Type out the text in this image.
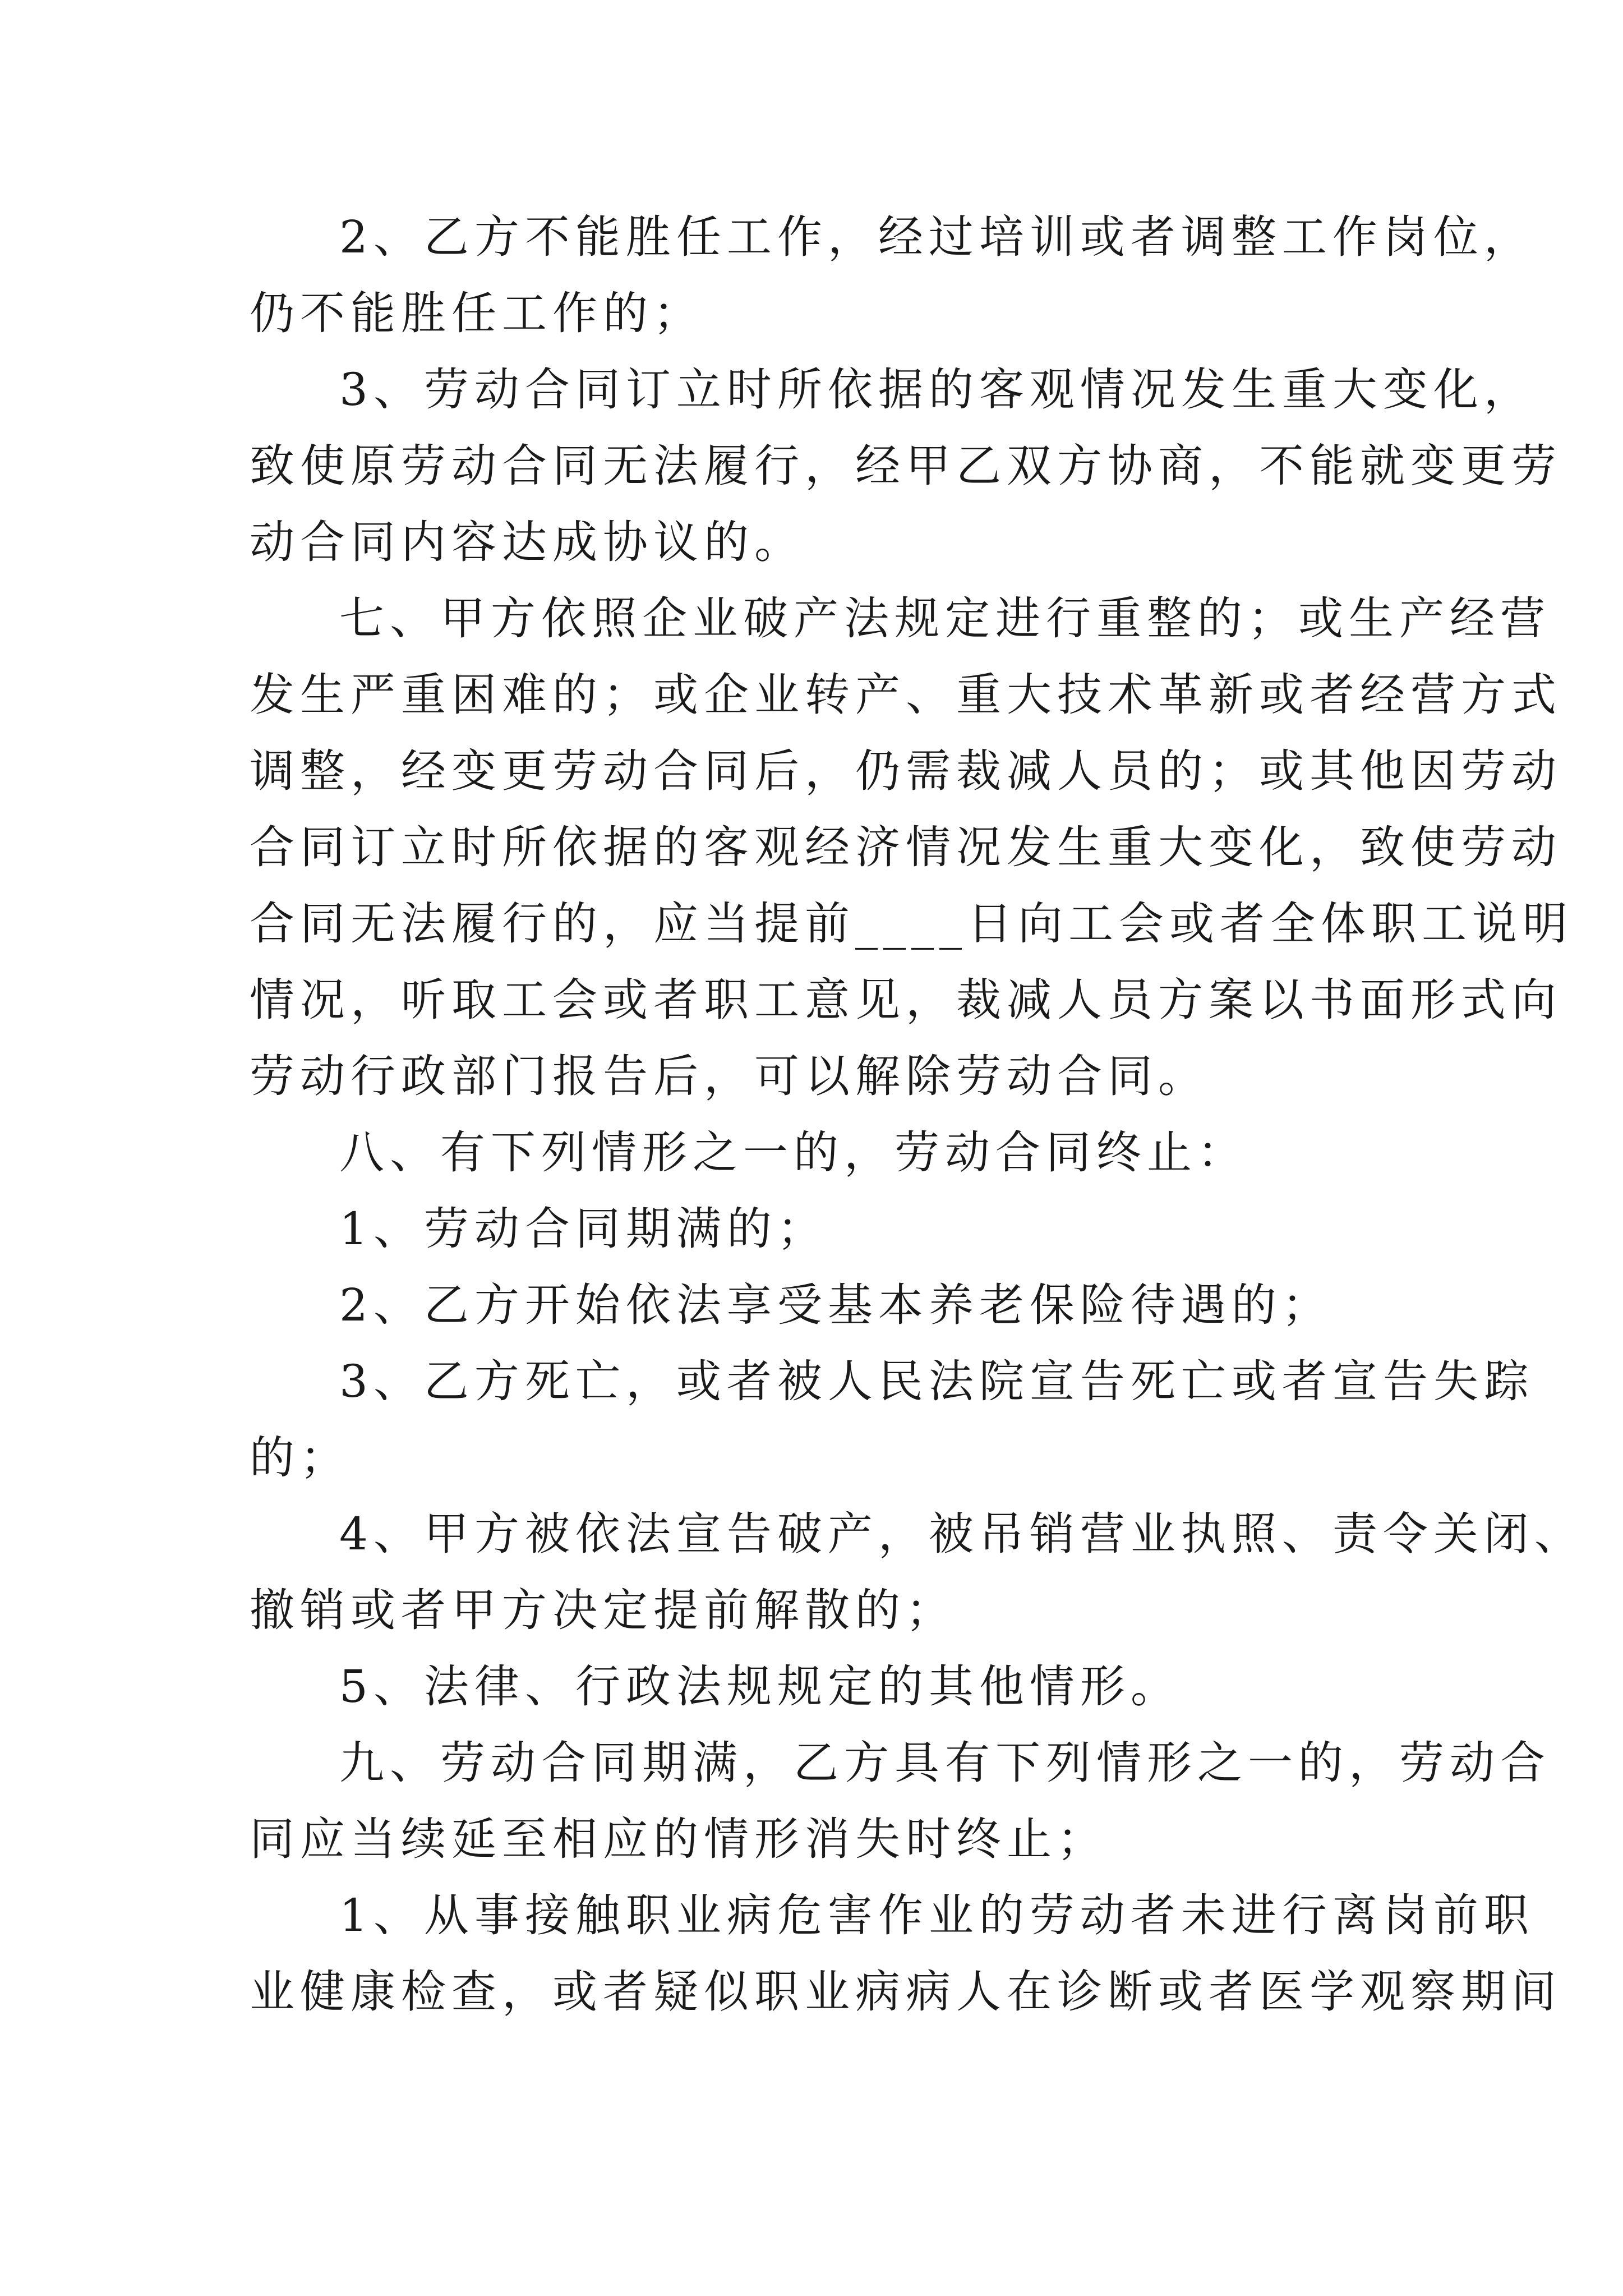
2、乙方不能胜任工作，经过培训或者调整工作岗位，
仍不能胜任工作的；
3、劳动合同订立时所依据的客观情况发生重大变化，
致使原劳动合同无法履行，经甲乙双方协商，不能就变更劳
动合同内容达成协议的。
七、甲方依照企业破产法规定进行重整的；或生产经营
发生严重困难的；或企业转产、重大技术革新或者经营方式
调整，经变更劳动合同后，仍需裁减人员的；或其他因劳动
合同订立时所依据的客观经济情况发生重大变化，致使劳动
合同无法履行的，应当提前____日向工会或者全体职工说明
情况，听取工会或者职工意见，裁减人员方案以书面形式向
劳动行政部门报告后，可以解除劳动合同。
八、有下列情形之一的，劳动合同终止：
1、劳动合同期满的；
2、乙方开始依法享受基本养老保险待遇的；
3、乙方死亡，或者被人民法院宣告死亡或者宣告失踪
的；
4、甲方被依法宣告破产，被吊销营业执照、责令关闭、
撤销或者甲方决定提前解散的；
5、法律、行政法规规定的其他情形。
九、劳动合同期满，乙方具有下列情形之一的，劳动合
同应当续延至相应的情形消失时终止；
1、从事接触职业病危害作业的劳动者未进行离岗前职
业健康检查，或者疑似职业病病人在诊断或者医学观察期间
